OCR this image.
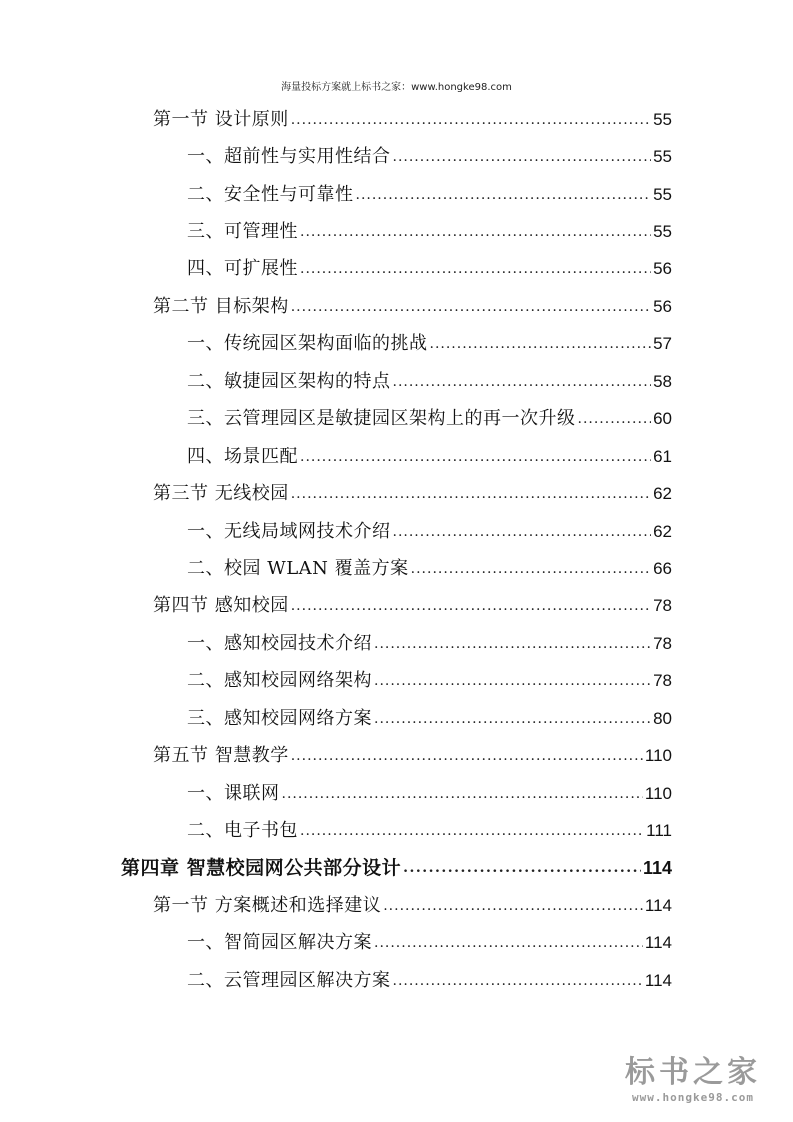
海量投标方案就上标书之家：www.hongke98.com
第一节 设计原则 .....	55
一、超前性与实用性结合 .....	55
二、安全性与可靠性 .....	55
三、可管理性 .....	55
四、可扩展性 .....	56
第二节 目标架构 .....	56
一、传统园区架构面临的挑战 .....	57
二、敏捷园区架构的特点 .....	58
三、云管理园区是敏捷园区架构上的再一次升级 .....	60
四、场景匹配 .....	61
第三节 无线校园 .....	62
一、无线局域网技术介绍 .....	62
二、校园 WLAN 覆盖方案 .....	66
第四节 感知校园 .....	78
一、感知校园技术介绍 .....	78
二、感知校园网络架构 .....	78
三、感知校园网络方案 .....	80
第五节 智慧教学 .....	110
一、课联网 .....	110
二、电子书包 .....	111
第四章 智慧校园网公共部分设计 .....	114
第一节 方案概述和选择建议 .....	114
一、智简园区解决方案 .....	114
二、云管理园区解决方案 .....	114
标书之家
www.hongke98.com
